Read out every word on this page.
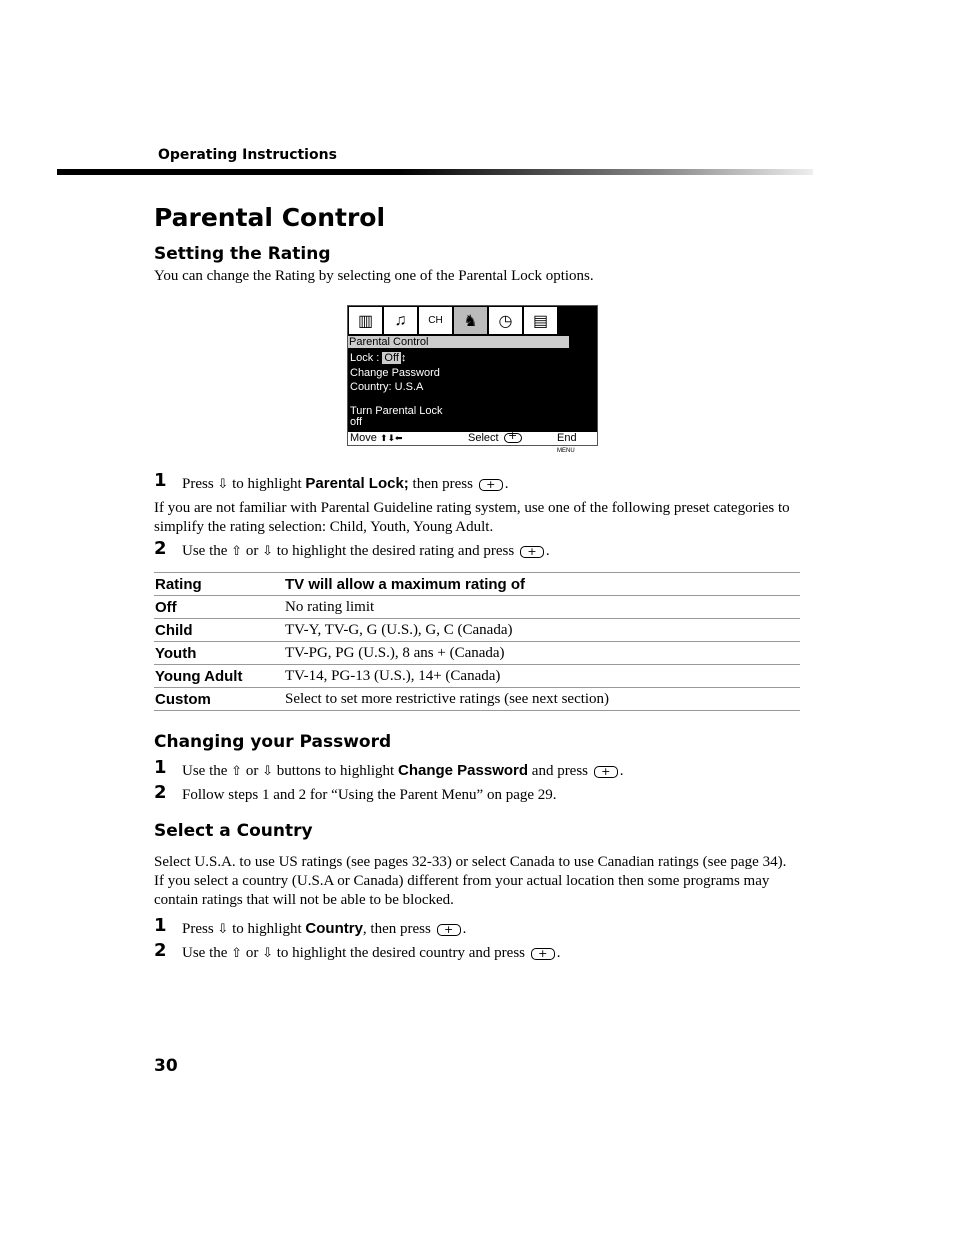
Operating Instructions
Parental Control
Setting the Rating
You can change the Rating by selecting one of the Parental Lock options.
▥	♫	CH	♞	◷	▤
Parental Control
Lock : Off ↕
Change Password
Country: U.S.A
Turn Parental Lock
off
Move ⬆⬇⬅	Select +	End $^{MENU}$
1 Press ⇩ to highlight Parental Lock; then press + .
If you are not familiar with Parental Guideline rating system, use one of the following preset categories to simplify the rating selection: Child, Youth, Young Adult.
2 Use the ⇧ or ⇩ to highlight the desired rating and press + .
Rating	TV will allow a maximum rating of
Off	No rating limit
Child	TV-Y, TV-G, G (U.S.), G, C (Canada)
Youth	TV-PG, PG (U.S.), 8 ans + (Canada)
Young Adult	TV-14, PG-13 (U.S.), 14+ (Canada)
Custom	Select to set more restrictive ratings (see next section)
Changing your Password
1 Use the ⇧ or ⇩ buttons to highlight Change Password and press + .
2 Follow steps 1 and 2 for “Using the Parent Menu” on page 29.
Select a Country
Select U.S.A. to use US ratings (see pages 32-33) or select Canada to use Canadian ratings (see page 34). If you select a country (U.S.A or Canada) different from your actual location then some programs may contain ratings that will not be able to be blocked.
1 Press ⇩ to highlight Country, then press + .
2 Use the ⇧ or ⇩ to highlight the desired country and press + .
30
